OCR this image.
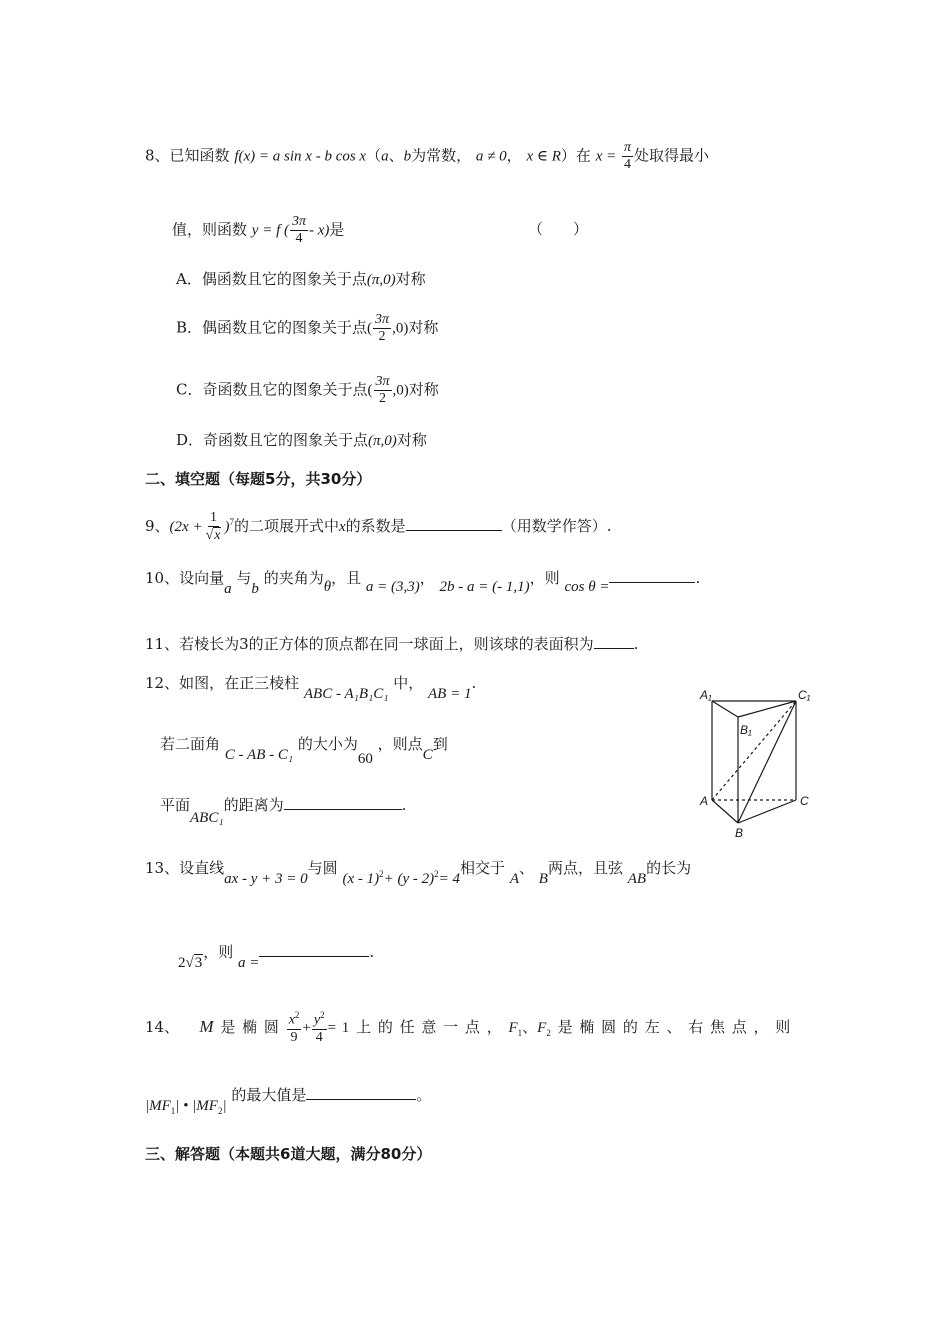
8、已知函数 f(x) = a sin x - b cos x（a、b为常数， a ≠ 0， x ∈ R）在 $x = \frac{\pi}{4}$ 处取得最小
值，则函数 y = f ( $\frac{3\pi}{4} - x$)是	（　　）
A．偶函数且它的图象关于点(π,0)对称
B．偶函数且它的图象关于点( $\frac{3\pi}{2} ,0$)对称
C．奇函数且它的图象关于点( $\frac{3\pi}{2} ,0$)对称
D．奇函数且它的图象关于点(π,0)对称
二、填空题（每题5分，共30分）
9、$(2x + \frac{1}{√x} )^7$的二项展开式中x的系数是	（用数学作答）.
10、设向量a 与b 的夹角为θ，且 a = (3,3)， 2b - a = (- 1,1)，则 cos θ =	.
11、若棱长为3的正方体的顶点都在同一球面上，则该球的表面积为	.
12、如图，在正三棱柱 ABC - A₁B₁C₁ 中， AB = 1.
若二面角 C - AB - C₁ 的大小为60 ，则点C到
平面ABC₁的距离为	.
A₁	C₁
B₁
A	C
B
13、设直线ax - y + 3 = 0与圆 (x - 1)$^2$+ (y - 2)$^2$= 4相交于 A、 B两点，且弦 AB的长为
2√3，则 a =.
14、 M 是 椭 圆 $\frac{x^2}{9} + \frac{y^2}{4} = 1$ 上 的 任 意 一 点 ， $F_1$、$F_2$ 是 椭 圆 的 左 、 右 焦 点 ， 则
$|MF_1|$ • $|MF_2|$ 的最大值是	。
三、解答题（本题共6道大题，满分80分）
